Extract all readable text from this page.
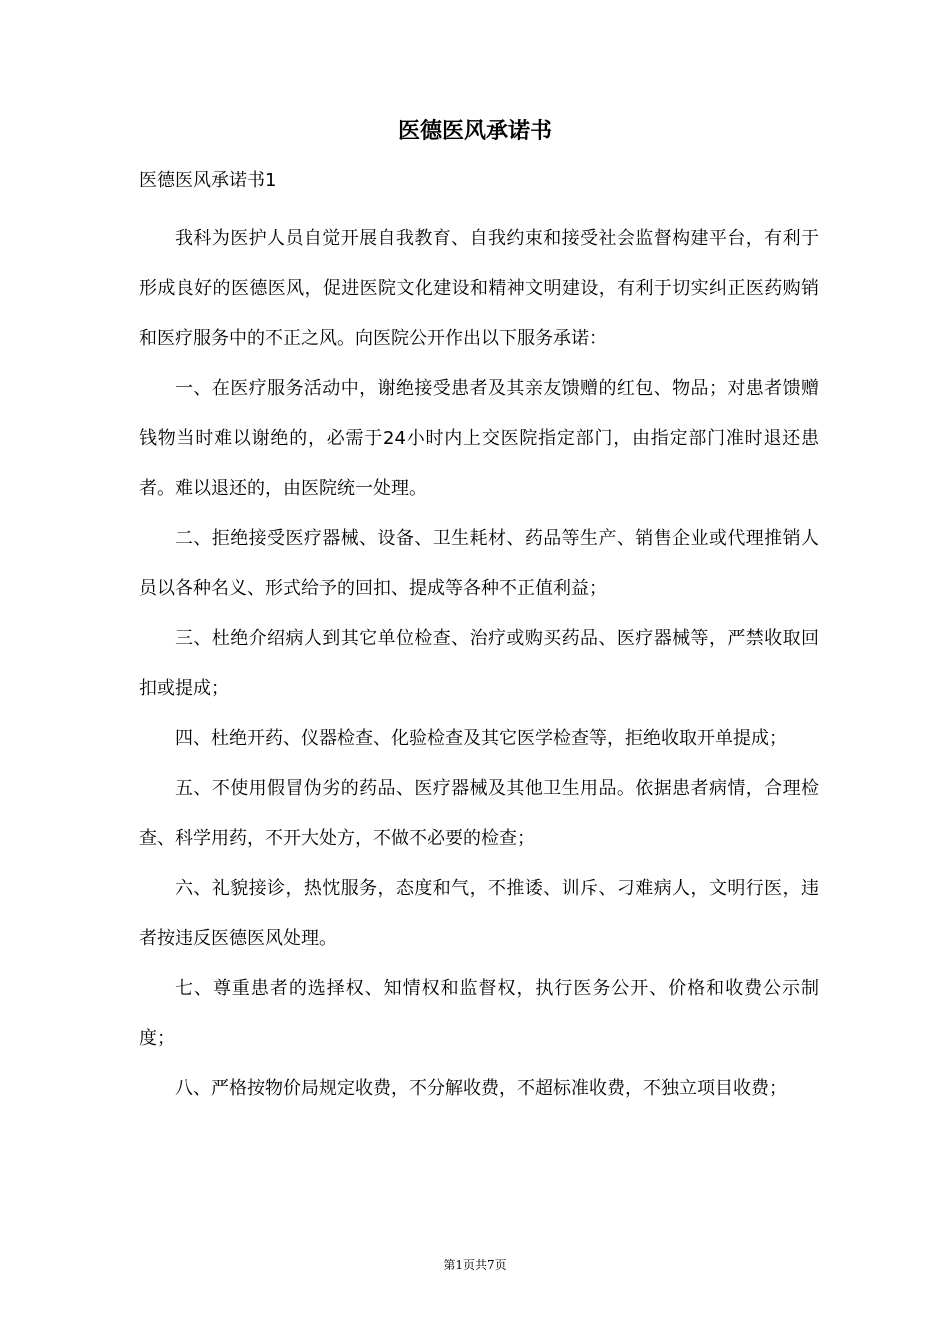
医德医风承诺书
医德医风承诺书1

我科为医护人员自觉开展自我教育、自我约束和接受社会监督构建平台，有利于形成良好的医德医风，促进医院文化建设和精神文明建设，有利于切实纠正医药购销和医疗服务中的不正之风。向医院公开作出以下服务承诺：

一、在医疗服务活动中，谢绝接受患者及其亲友馈赠的红包、物品；对患者馈赠钱物当时难以谢绝的，必需于24小时内上交医院指定部门，由指定部门准时退还患者。难以退还的，由医院统一处理。

二、拒绝接受医疗器械、设备、卫生耗材、药品等生产、销售企业或代理推销人员以各种名义、形式给予的回扣、提成等各种不正值利益；

三、杜绝介绍病人到其它单位检查、治疗或购买药品、医疗器械等，严禁收取回扣或提成；

四、杜绝开药、仪器检查、化验检查及其它医学检查等，拒绝收取开单提成；

五、不使用假冒伪劣的药品、医疗器械及其他卫生用品。依据患者病情，合理检查、科学用药，不开大处方，不做不必要的检查；

六、礼貌接诊，热忱服务，态度和气，不推诿、训斥、刁难病人，文明行医，违者按违反医德医风处理。

七、尊重患者的选择权、知情权和监督权，执行医务公开、价格和收费公示制度；

八、严格按物价局规定收费，不分解收费，不超标准收费，不独立项目收费；

第1页共7页
